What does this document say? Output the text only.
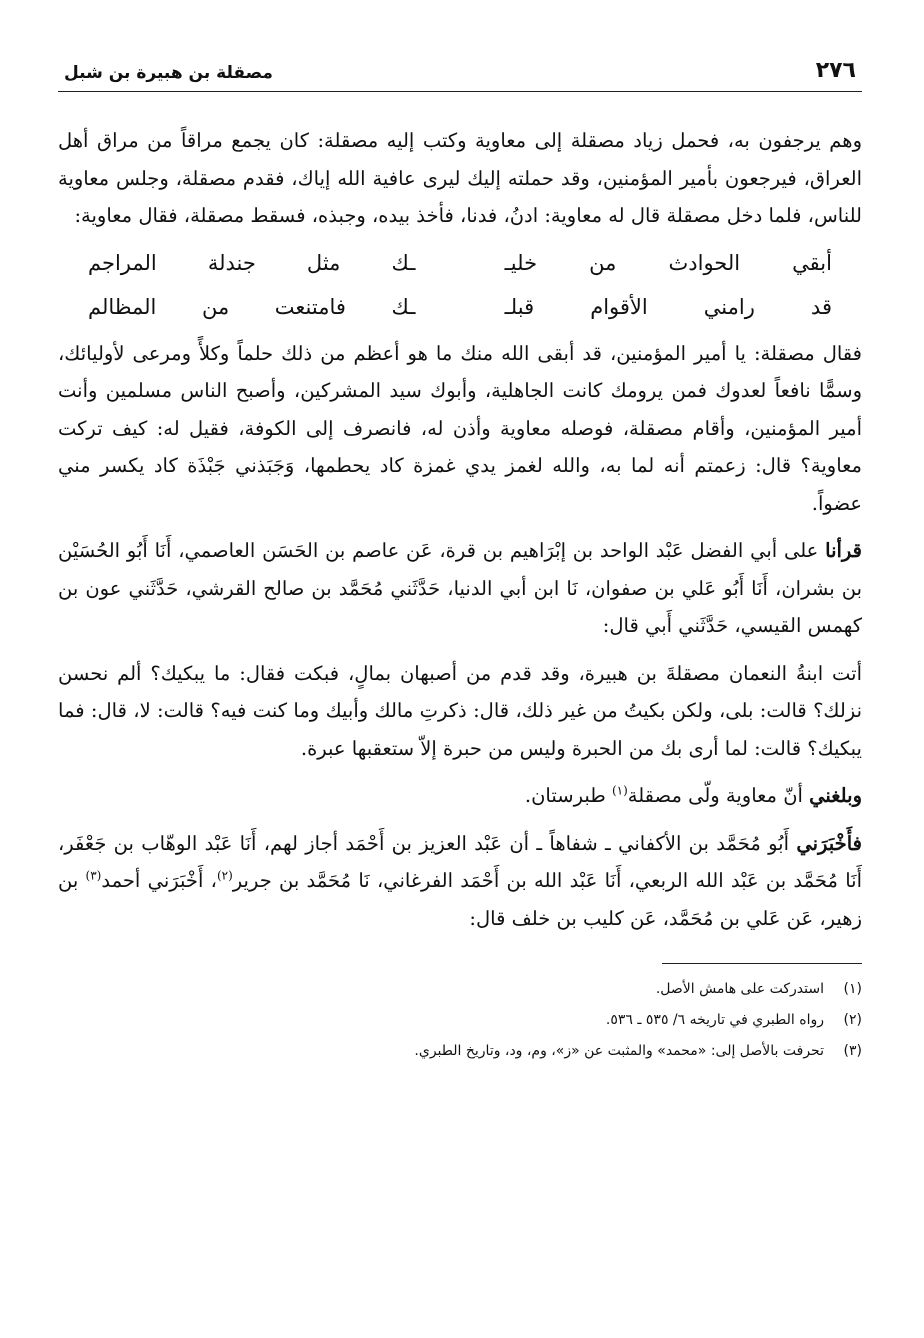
٢٧٦
مصقلة بن هبيرة بن شبل

وهم يرجفون به، فحمل زياد مصقلة إلى معاوية وكتب إليه مصقلة: كان يجمع مراقاً من مراق أهل العراق، فيرجعون بأمير المؤمنين، وقد حملته إليك ليرى عافية الله إياك، فقدم مصقلة، وجلس معاوية للناس، فلما دخل مصقلة قال له معاوية: ادنُ، فدنا، فأخذ بيده، وجبذه، فسقط مصقلة، فقال معاوية:

أبقي الحوادث من خليـ
ـك مثل جندلة المراجم
قد رامني الأقوام قبلـ
ـك فامتنعت من المظالم

فقال مصقلة: يا أمير المؤمنين، قد أبقى الله منك ما هو أعظم من ذلك حلماً وكلأً ومرعى لأوليائك، وسمًّا نافعاً لعدوك فمن يرومك كانت الجاهلية، وأبوك سيد المشركين، وأصبح الناس مسلمين وأنت أمير المؤمنين، وأقام مصقلة، فوصله معاوية وأذن له، فانصرف إلى الكوفة، فقيل له: كيف تركت معاوية؟ قال: زعمتم أنه لما به، والله لغمز يدي غمزة كاد يحطمها، وَجَبَذني جَبْذَة كاد يكسر مني عضواً.

قرأنا على أبي الفضل عَبْد الواحد بن إبْرَاهيم بن قرة، عَن عاصم بن الحَسَن العاصمي، أَنَا أَبُو الحُسَيْن بن بشران، أَنَا أَبُو عَلي بن صفوان، نَا ابن أبي الدنيا، حَدَّثَني مُحَمَّد بن صالح القرشي، حَدَّثَني عون بن كهمس القيسي، حَدَّثَني أَبي قال:

أتت ابنةُ النعمان مصقلةَ بن هبيرة، وقد قدم من أصبهان بمالٍ، فبكت فقال: ما يبكيك؟ ألم نحسن نزلك؟ قالت: بلى، ولكن بكيتُ من غير ذلك، قال: ذكرتِ مالك وأبيك وما كنت فيه؟ قالت: لا، قال: فما يبكيك؟ قالت: لما أرى بك من الحبرة وليس من حبرة إلاّ ستعقبها عبرة.

وبلغني أنّ معاوية ولّى مصقلة$^{(١)}$ طبرستان.

فأَخْبَرَني أَبُو مُحَمَّد بن الأكفاني ـ شفاهاً ـ أن عَبْد العزيز بن أَحْمَد أجاز لهم، أَنَا عَبْد الوهّاب بن جَعْفَر، أَنَا مُحَمَّد بن عَبْد الله الربعي، أَنَا عَبْد الله بن أَحْمَد الفرغاني، نَا مُحَمَّد بن جرير$^{(٢)}$، أَخْبَرَني أحمد$^{(٣)}$ بن زهير، عَن عَلي بن مُحَمَّد، عَن كليب بن خلف قال:

(١)
استدركت على هامش الأصل.
(٢)
رواه الطبري في تاريخه ٦/ ٥٣٥ ـ ٥٣٦.
(٣)
تحرفت بالأصل إلى: «محمد» والمثبت عن «ز»، وم، ود، وتاريخ الطبري.
